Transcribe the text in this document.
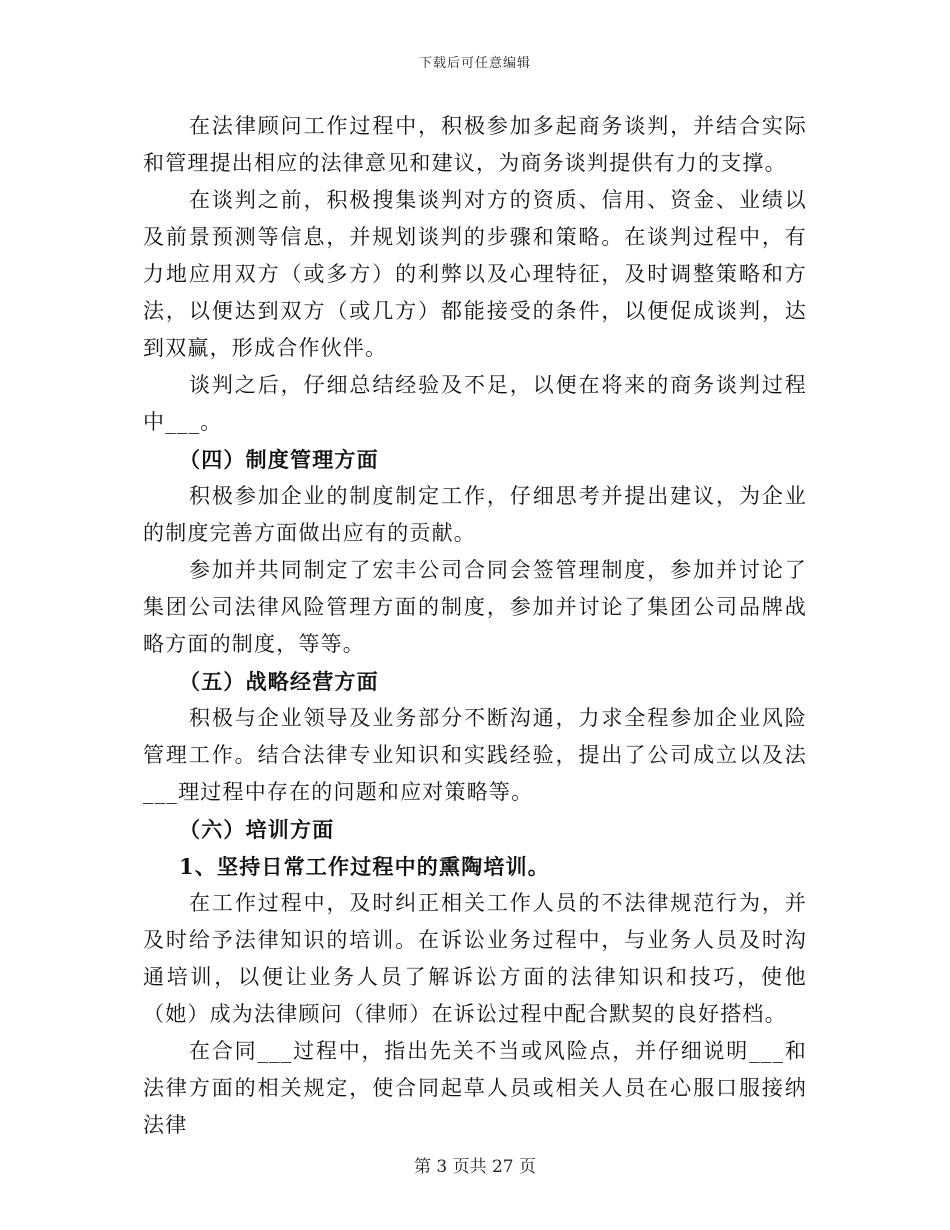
下载后可任意编辑

在法律顾问工作过程中，积极参加多起商务谈判，并结合实际和管理提出相应的法律意见和建议，为商务谈判提供有力的支撑。

在谈判之前，积极搜集谈判对方的资质、信用、资金、业绩以及前景预测等信息，并规划谈判的步骤和策略。在谈判过程中，有力地应用双方（或多方）的利弊以及心理特征，及时调整策略和方法，以便达到双方（或几方）都能接受的条件，以便促成谈判，达到双赢，形成合作伙伴。

谈判之后，仔细总结经验及不足，以便在将来的商务谈判过程中___。

（四）制度管理方面

积极参加企业的制度制定工作，仔细思考并提出建议，为企业的制度完善方面做出应有的贡献。

参加并共同制定了宏丰公司合同会签管理制度，参加并讨论了集团公司法律风险管理方面的制度，参加并讨论了集团公司品牌战略方面的制度，等等。

（五）战略经营方面

积极与企业领导及业务部分不断沟通，力求全程参加企业风险管理工作。结合法律专业知识和实践经验，提出了公司成立以及法___理过程中存在的问题和应对策略等。

（六）培训方面

1、坚持日常工作过程中的熏陶培训。

在工作过程中，及时纠正相关工作人员的不法律规范行为，并及时给予法律知识的培训。在诉讼业务过程中，与业务人员及时沟通培训，以便让业务人员了解诉讼方面的法律知识和技巧，使他（她）成为法律顾问（律师）在诉讼过程中配合默契的良好搭档。

在合同___过程中，指出先关不当或风险点，并仔细说明___和法律方面的相关规定，使合同起草人员或相关人员在心服口服接纳法律

第 3 页共 27 页
